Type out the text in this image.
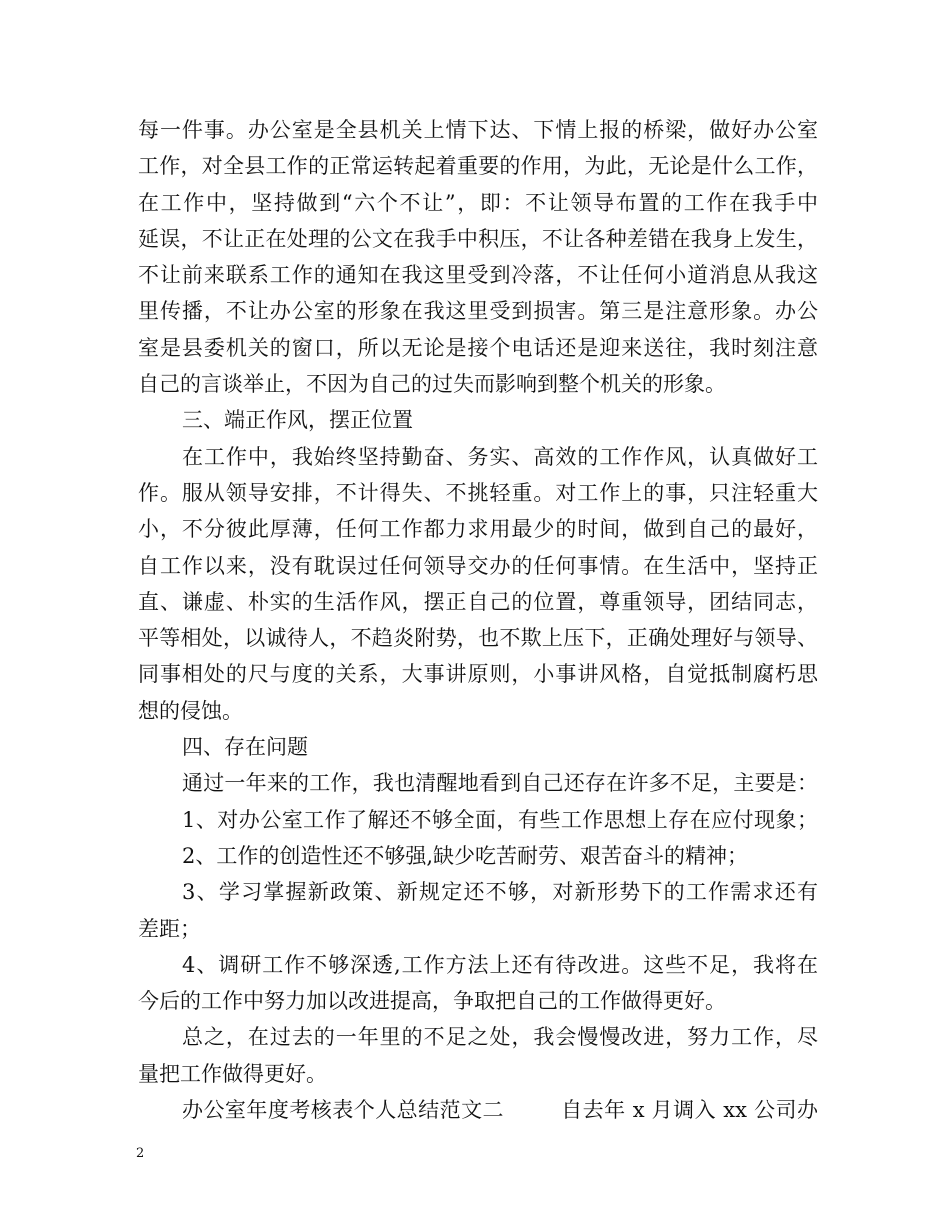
每一件事。办公室是全县机关上情下达、下情上报的桥梁，做好办公室
工作，对全县工作的正常运转起着重要的作用，为此，无论是什么工作，
在工作中，坚持做到“六个不让”，即：不让领导布置的工作在我手中
延误，不让正在处理的公文在我手中积压，不让各种差错在我身上发生，
不让前来联系工作的通知在我这里受到冷落，不让任何小道消息从我这
里传播，不让办公室的形象在我这里受到损害。第三是注意形象。办公
室是县委机关的窗口，所以无论是接个电话还是迎来送往，我时刻注意
自己的言谈举止，不因为自己的过失而影响到整个机关的形象。
三、端正作风，摆正位置
在工作中，我始终坚持勤奋、务实、高效的工作作风，认真做好工
作。服从领导安排，不计得失、不挑轻重。对工作上的事，只注轻重大
小，不分彼此厚薄，任何工作都力求用最少的时间，做到自己的最好，
自工作以来，没有耽误过任何领导交办的任何事情。在生活中，坚持正
直、谦虚、朴实的生活作风，摆正自己的位置，尊重领导，团结同志，
平等相处，以诚待人，不趋炎附势，也不欺上压下，正确处理好与领导、
同事相处的尺与度的关系，大事讲原则，小事讲风格，自觉抵制腐朽思
想的侵蚀。
四、存在问题
通过一年来的工作，我也清醒地看到自己还存在许多不足，主要是：
1、对办公室工作了解还不够全面，有些工作思想上存在应付现象；
2、工作的创造性还不够强,缺少吃苦耐劳、艰苦奋斗的精神；
3、学习掌握新政策、新规定还不够，对新形势下的工作需求还有
差距；
4、调研工作不够深透,工作方法上还有待改进。这些不足，我将在
今后的工作中努力加以改进提高，争取把自己的工作做得更好。
总之，在过去的一年里的不足之处，我会慢慢改进，努力工作，尽
量把工作做得更好。
办公室年度考核表个人总结范文二        自去年 x 月调入 xx 公司办
2
